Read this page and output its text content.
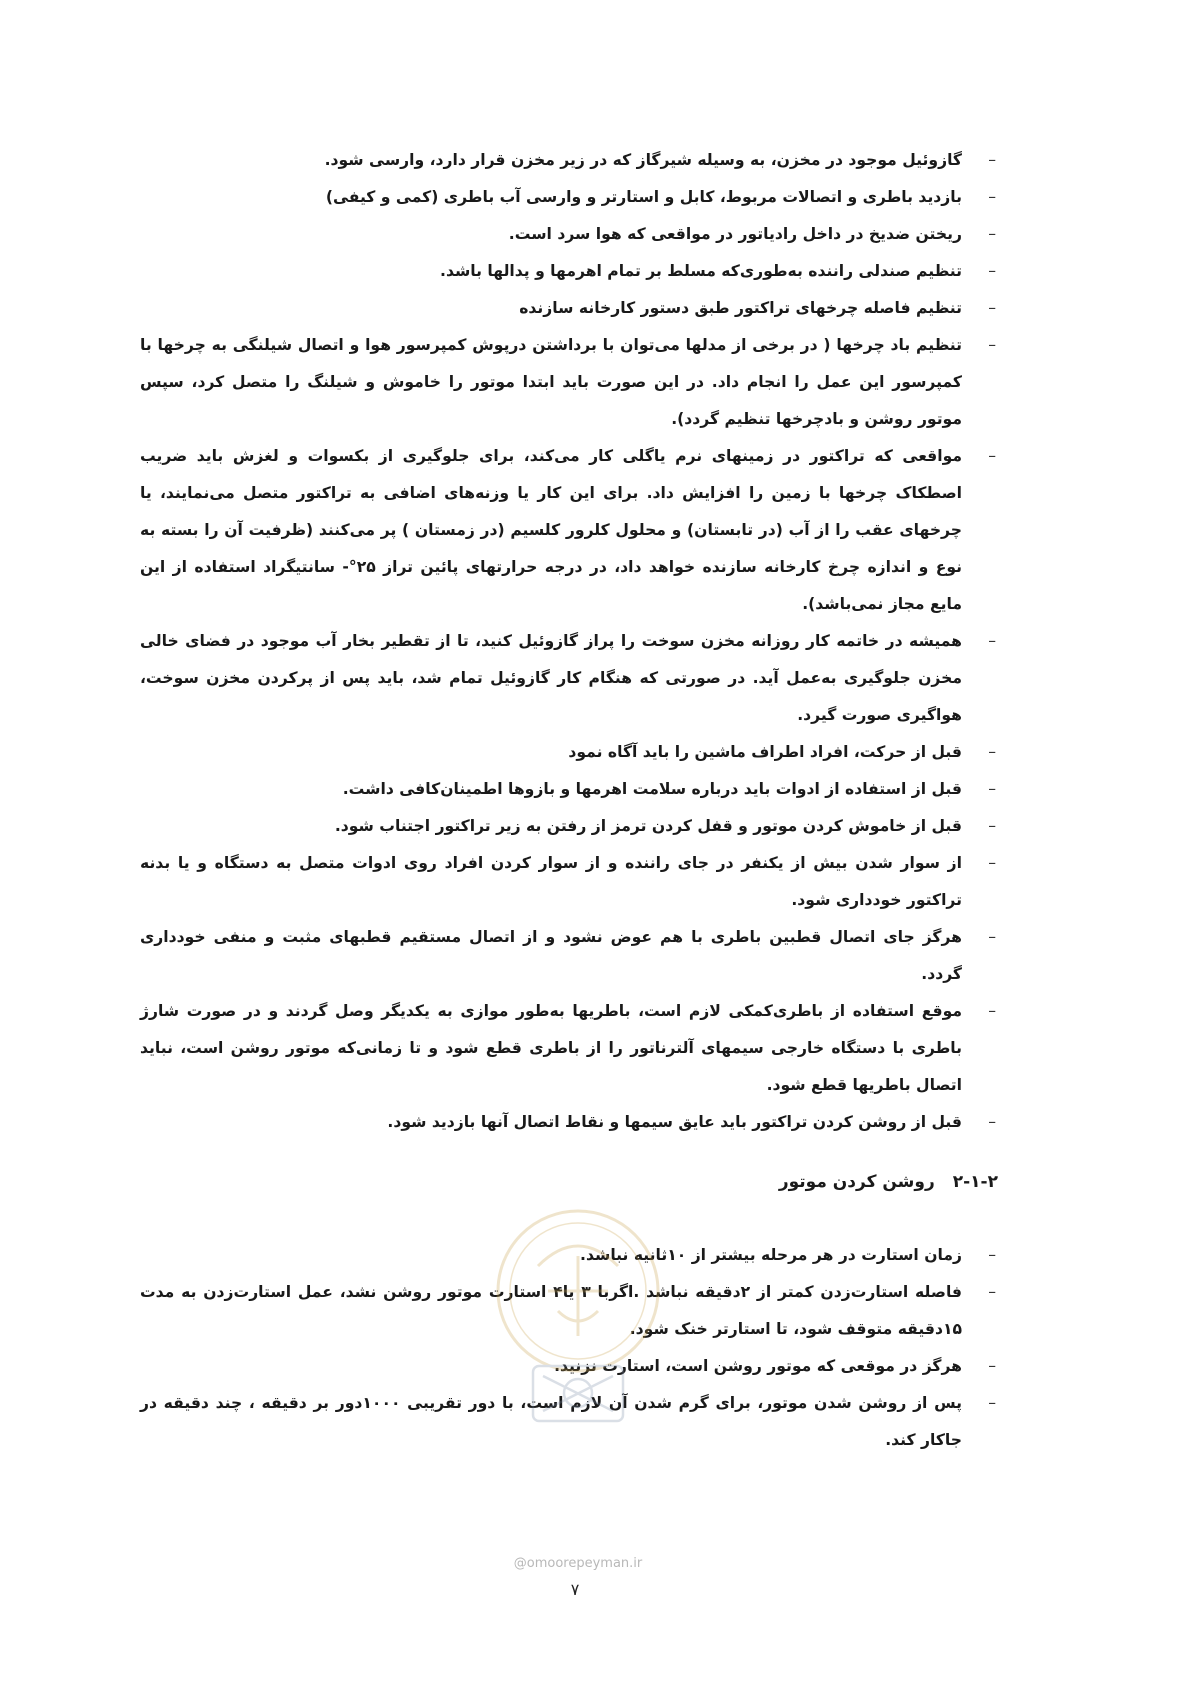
–
گازوئیل موجود در مخزن، به وسیله شیرگاز که در زیر مخزن قرار دارد، وارسی شود.
–
بازدید باطری و اتصالات مربوط، کابل و استارتر و وارسی آب باطری (کمی و کیفی)
–
ریختن ضدیخ در داخل رادیاتور در مواقعی که هوا سرد است.
–
تنظیم صندلی راننده به‌طوری‌که مسلط بر تمام اهرمها و پدالها باشد.
–
تنظیم فاصله چرخهای تراکتور طبق دستور کارخانه سازنده
–
تنظیم باد چرخها ( در برخی از مدلها می‌توان با برداشتن درپوش کمپرسور هوا و اتصال شیلنگی به چرخها با کمپرسور این عمل را انجام داد. در این صورت باید ابتدا موتور را خاموش و شیلنگ را متصل کرد، سپس موتور روشن و بادچرخها تنظیم گردد).
–
مواقعی که تراکتور در زمینهای نرم یاگلی کار می‌کند، برای جلوگیری از بکسوات و لغزش باید ضریب اصطکاک چرخها با زمین را افزایش داد. برای این کار یا وزنه‌های اضافی به تراکتور متصل می‌نمایند، یا چرخهای عقب را از آب (در تابستان) و محلول کلرور کلسیم (در زمستان ) پر می‌کنند (ظرفیت آن را بسته به نوع و اندازه چرخ کارخانه سازنده خواهد داد، در درجه حرارتهای پائین تراز ۲۵°- سانتیگراد استفاده از این مایع مجاز نمی‌باشد).
–
همیشه در خاتمه کار روزانه مخزن سوخت را پراز گازوئیل کنید، تا از تقطیر بخار آب موجود در فضای خالی مخزن جلوگیری به‌عمل آید. در صورتی که هنگام کار گازوئیل تمام شد، باید پس از پرکردن مخزن سوخت، هواگیری صورت گیرد.
–
قبل از حرکت، افراد اطراف ماشین را باید آگاه نمود
–
قبل از استفاده از ادوات باید درباره سلامت اهرمها و بازوها اطمینان‌کافی داشت.
–
قبل از خاموش کردن موتور و قفل کردن ترمز از رفتن به زیر تراکتور اجتناب شود.
–
از سوار شدن بیش از یکنفر در جای راننده و از سوار کردن افراد روی ادوات متصل به دستگاه و یا بدنه تراکتور خودداری شود.
–
هرگز جای اتصال قطبین باطری با هم عوض نشود و از اتصال مستقیم قطبهای مثبت و منفی خودداری گردد.
–
موقع استفاده از باطری‌کمکی لازم است، باطریها به‌طور موازی به یکدیگر وصل گردند و در صورت شارژ باطری با دستگاه خارجی سیمهای آلترناتور را از باطری قطع شود و تا زمانی‌که موتور روشن است، نباید اتصال باطریها قطع شود.
–
قبل از روشن کردن تراکتور باید عایق سیمها و نقاط اتصال آنها بازدید شود.
۲-۱-۲روشن کردن موتور
–
زمان استارت در هر مرحله بیشتر از ۱۰ثانیه نباشد.
–
فاصله استارت‌زدن کمتر از ۲دقیقه نباشد .اگربا ۳ یا۴ استارت موتور روشن نشد، عمل استارت‌زدن به مدت ۱۵دقیقه متوقف شود، تا استارتر خنک شود.
–
هرگز در موقعی که موتور روشن است، استارت نزنید.
–
پس از روشن شدن موتور، برای گرم شدن آن لازم است، با دور تقریبی ۱۰۰۰دور بر دقیقه ، چند دقیقه در جاکار کند.
@omoorepeyman.ir
۷
